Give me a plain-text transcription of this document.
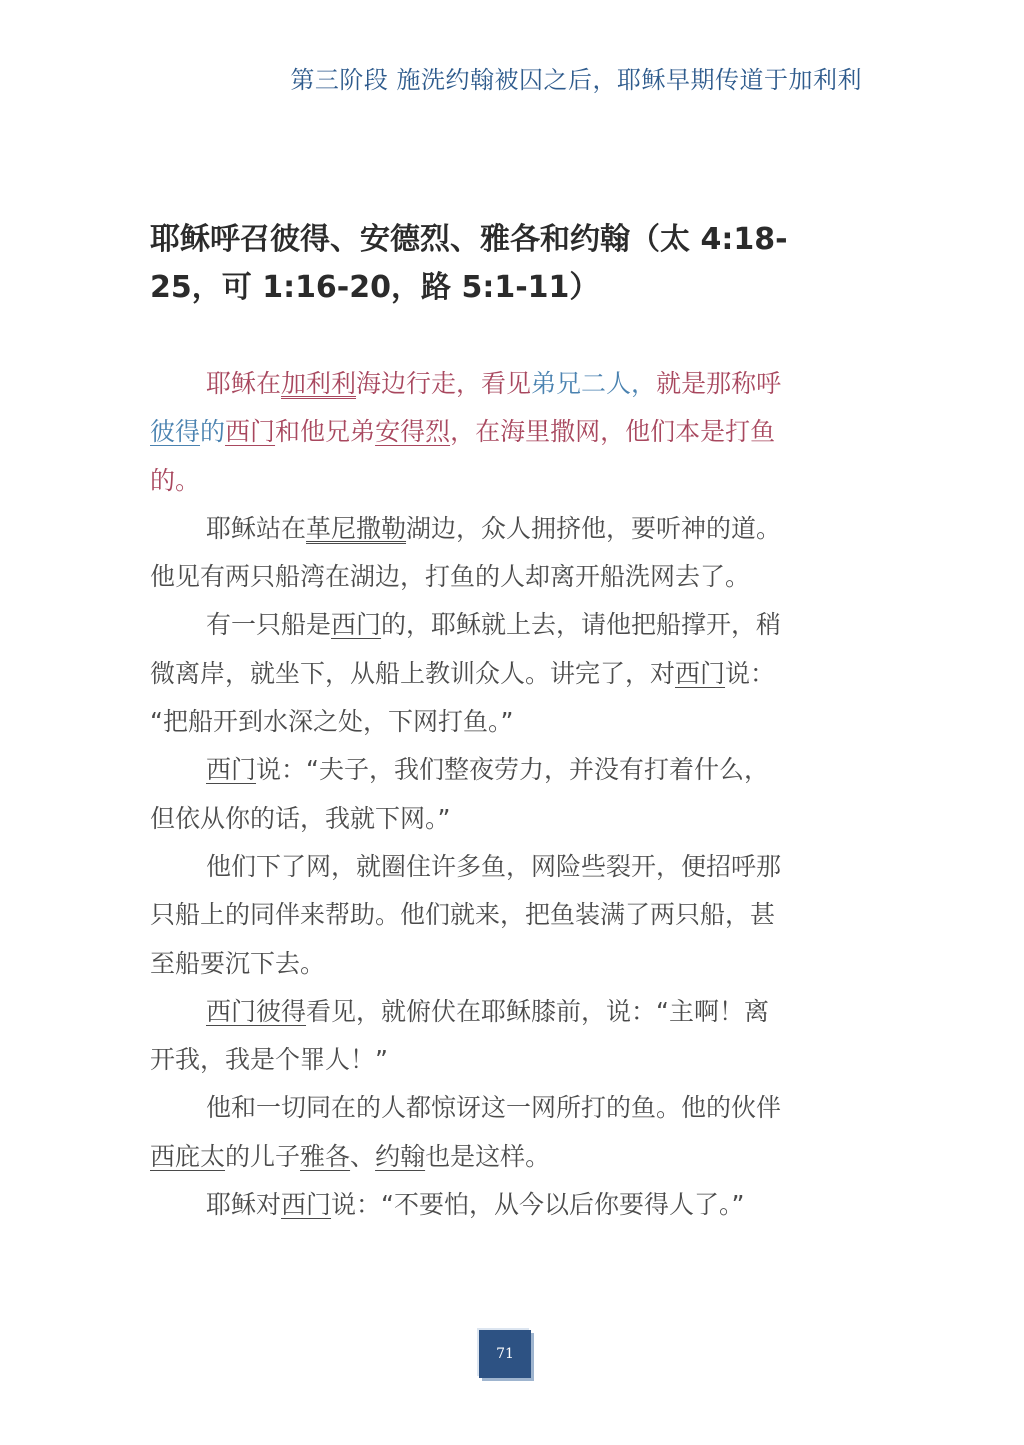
第三阶段 施洗约翰被囚之后，耶稣早期传道于加利利
耶稣呼召彼得、安德烈、雅各和约翰（太 4:18-
25，可 1:16-20，路 5:1-11）

耶稣在加利利海边行走，看见弟兄二人，就是那称呼
彼得的西门和他兄弟安得烈，在海里撒网，他们本是打鱼
的。

耶稣站在革尼撒勒湖边，众人拥挤他，要听神的道。
他见有两只船湾在湖边，打鱼的人却离开船洗网去了。

有一只船是西门的，耶稣就上去，请他把船撑开，稍
微离岸，就坐下，从船上教训众人。讲完了，对西门说：
“把船开到水深之处，下网打鱼。”

西门说：“夫子，我们整夜劳力，并没有打着什么，
但依从你的话，我就下网。”

他们下了网，就圈住许多鱼，网险些裂开，便招呼那
只船上的同伴来帮助。他们就来，把鱼装满了两只船，甚
至船要沉下去。

西门彼得看见，就俯伏在耶稣膝前，说：“主啊！离
开我，我是个罪人！”

他和一切同在的人都惊讶这一网所打的鱼。他的伙伴
西庇太的儿子雅各、约翰也是这样。

耶稣对西门说：“不要怕，从今以后你要得人了。”

71
